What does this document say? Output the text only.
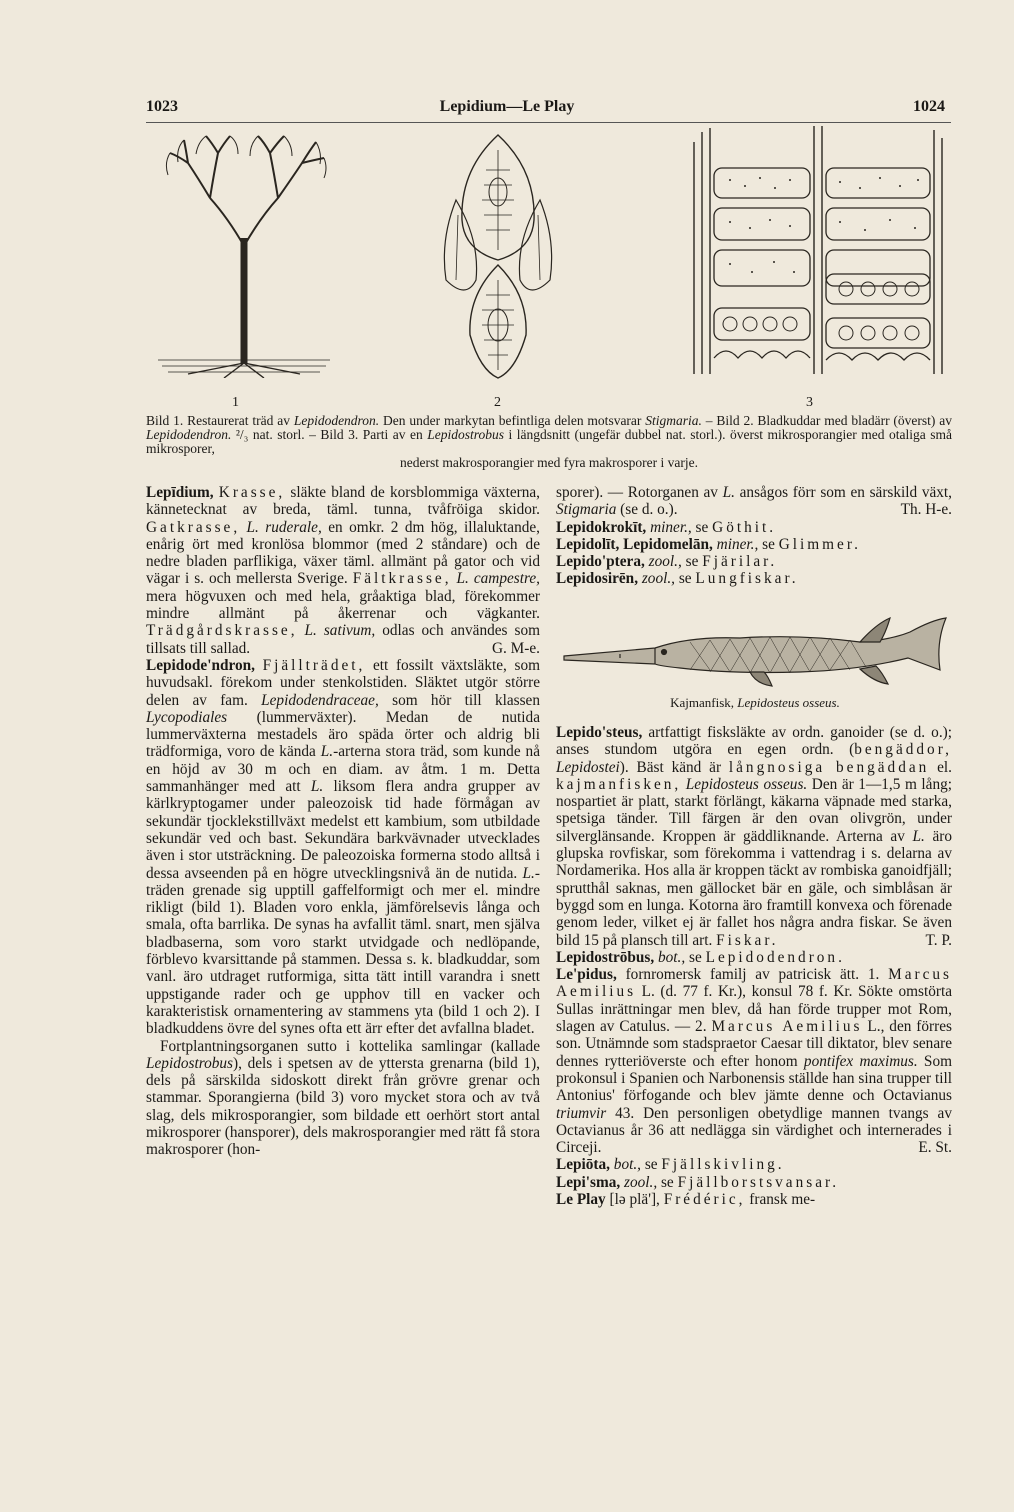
1023	Lepidium—Le Play	1024
1	2	3
Bild 1. Restaurerat träd av Lepidodendron. Den under markytan befintliga delen motsvarar Stigmaria. – Bild 2. Bladkuddar med bladärr (överst) av Lepidodendron. ²/₃ nat. storl. – Bild 3. Parti av en Lepidostrobus i längdsnitt (ungefär dubbel nat. storl.). överst mikrosporangier med otaliga små mikrosporer,
nederst makrosporangier med fyra makrosporer i varje.

Lepīdium, Krasse, släkte bland de korsblommiga växterna, kännetecknat av breda, täml. tunna, tvåfröiga skidor. Gatkrasse, L. ruderale, en omkr. 2 dm hög, illaluktande, enårig ört med kronlösa blommor (med 2 ståndare) och de nedre bladen parflikiga, växer täml. allmänt på gator och vid vägar i s. och mellersta Sverige. Fältkrasse, L. campestre, mera högvuxen och med hela, gråaktiga blad, förekommer mindre allmänt på åkerrenar och vägkanter. Trädgårdskrasse, L. sativum, odlas och användes som tillsats till sallad.	G. M-e.

Lepidode'ndron, Fjällträdet, ett fossilt växtsläkte, som huvudsakl. förekom under stenkolstiden. Släktet utgör större delen av fam. Lepidodendraceae, som hör till klassen Lycopodiales (lummerväxter). Medan de nutida lummerväxterna mestadels äro späda örter och aldrig bli trädformiga, voro de kända L.-arterna stora träd, som kunde nå en höjd av 30 m och en diam. av åtm. 1 m. Detta sammanhänger med att L. liksom flera andra grupper av kärlkryptogamer under paleozoisk tid hade förmågan av sekundär tjocklekstillväxt medelst ett kambium, som utbildade sekundär ved och bast. Sekundära barkvävnader utvecklades även i stor utsträckning. De paleozoiska formerna stodo alltså i dessa avseenden på en högre utvecklingsnivå än de nutida. L.-träden grenade sig upptill gaffelformigt och mer el. mindre rikligt (bild 1). Bladen voro enkla, jämförelsevis långa och smala, ofta barrlika. De synas ha avfallit täml. snart, men själva bladbaserna, som voro starkt utvidgade och nedlöpande, förblevo kvarsittande på stammen. Dessa s. k. bladkuddar, som vanl. äro utdraget rutformiga, sitta tätt intill varandra i snett uppstigande rader och ge upphov till en vacker och karakteristisk ornamentering av stammens yta (bild 1 och 2). I bladkuddens övre del synes ofta ett ärr efter det avfallna bladet.

Fortplantningsorganen sutto i kottelika samlingar (kallade Lepidostrobus), dels i spetsen av de yttersta grenarna (bild 1), dels på särskilda sidoskott direkt från grövre grenar och stammar. Sporangierna (bild 3) voro mycket stora och av två slag, dels mikrosporangier, som bildade ett oerhört stort antal mikrosporer (hansporer), dels makrosporangier med rätt få stora makrosporer (hon-

sporer). — Rotorganen av L. ansågos förr som en särskild växt, Stigmaria (se d. o.).	Th. H-e.

Lepidokrokīt, miner., se Göthit.

Lepidolīt, Lepidomelān, miner., se Glimmer.

Lepido'ptera, zool., se Fjärilar.

Lepidosirēn, zool., se Lungfiskar.

Kajmanfisk, Lepidosteus osseus.

Lepido'steus, artfattigt fisksläkte av ordn. ganoider (se d. o.); anses stundom utgöra en egen ordn. (bengäddor, Lepidostei). Bäst känd är långnosiga bengäddan el. kajmanfisken, Lepidosteus osseus. Den är 1—1,5 m lång; nospartiet är platt, starkt förlängt, käkarna väpnade med starka, spetsiga tänder. Till färgen är den ovan olivgrön, under silverglänsande. Kroppen är gäddliknande. Arterna av L. äro glupska rovfiskar, som förekomma i vattendrag i s. delarna av Nordamerika. Hos alla är kroppen täckt av rombiska ganoidfjäll; sprutthål saknas, men gällocket bär en gäle, och simblåsan är byggd som en lunga. Kotorna äro framtill konvexa och förenade genom leder, vilket ej är fallet hos några andra fiskar. Se även bild 15 på plansch till art. Fiskar.	T. P.

Lepidostrōbus, bot., se Lepidodendron.

Le'pidus, fornromersk familj av patricisk ätt. 1. Marcus Aemilius L. (d. 77 f. Kr.), konsul 78 f. Kr. Sökte omstörta Sullas inrättningar men blev, då han förde trupper mot Rom, slagen av Catulus. — 2. Marcus Aemilius L., den förres son. Utnämnde som stadspraetor Caesar till diktator, blev senare dennes rytteriöverste och efter honom pontifex maximus. Som prokonsul i Spanien och Narbonensis ställde han sina trupper till Antonius' förfogande och blev jämte denne och Octavianus triumvir 43. Den personligen obetydlige mannen tvangs av Octavianus år 36 att nedlägga sin värdighet och internerades i Circeji.	E. St.

Lepiōta, bot., se Fjällskivling.

Lepi'sma, zool., se Fjällborstsvansar.

Le Play [lə plä'], Frédéric, fransk me-
